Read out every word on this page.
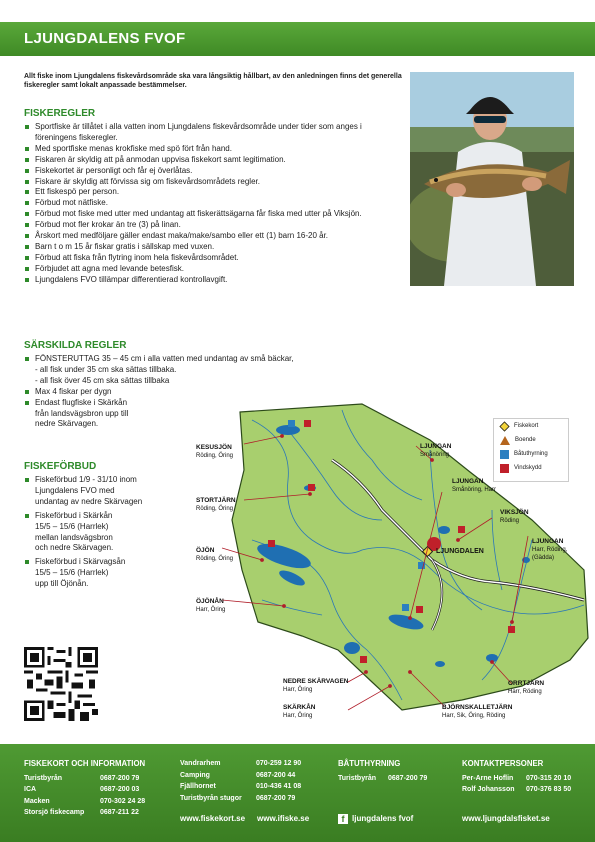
LJUNGDALENS FVOF
Allt fiske inom Ljungdalens fiskevårdsområde ska vara långsiktig hållbart, av den anledningen finns det generella fiskeregler samt lokalt anpassade bestämmelser.
FISKEREGLER
Sportfiske är tillåtet i alla vatten inom Ljungdalens fiskevårdsområde under tider som anges i föreningens fiskeregler.
Med sportfiske menas krokfiske med spö fört från hand.
Fiskaren är skyldig att på anmodan uppvisa fiskekort samt legitimation.
Fiskekortet är personligt och får ej överlåtas.
Fiskare är skyldig att förvissa sig om fiskevårdsområdets regler.
Ett fiskespö per person.
Förbud mot nätfiske.
Förbud mot fiske med utter med undantag att fiskerättsägarna får fiska med utter på Viksjön.
Förbud mot fler krokar än tre (3) på linan.
Årskort med medföljare gäller endast maka/make/sambo eller ett (1) barn 16-20 år.
Barn t o m 15 år fiskar gratis i sällskap med vuxen.
Förbud att fiska från flytring inom hela fiskevårdsområdet.
Förbjudet att agna med levande betesfisk.
Ljungdalens FVO tillämpar differentierad kontrollavgift.
SÄRSKILDA REGLER
FÖNSTERUTTAG 35 – 45 cm i alla vatten med undantag av små bäckar,
- all fisk under 35 cm ska sättas tillbaka.
- all fisk över 45 cm ska sättas tillbaka
Max 4 fiskar per dygn
Endast flugfiske i Skärkån
från landsvägsbron upp till
nedre Skärvagen.
FISKEFÖRBUD
Fiskeförbud 1/9 - 31/10 inom
Ljungdalens FVO med
undantag av nedre Skärvagen
Fiskeförbud i Skärkån
15/5 – 15/6 (Harrlek)
mellan landsvägsbron
och nedre Skärvagen.
Fiskeförbud i Skärvagsån
15/5 – 15/6 (Harrlek)
upp till Öjönån.
KESUSJÖN
Röding, Öring
STORTJÄRN
Röding, Öring
ÖJÖN
Röding, Öring
ÖJÖNÅN
Harr, Öring
NEDRE SKÄRVAGEN
Harr, Öring
SKÄRKÅN
Harr, Öring
LJUNGAN
Smånöring
LJUNGAN
Smånöring, Harr
VIKSJÖN
Röding
LJUNGAN
Harr, Röding,
(Gädda)
ORRTJÄRN
Harr, Röding
BJÖRNSKALLETJÄRN
Harr, Sik, Öring, Röding
LJUNGDALEN
Fiskekort
Boende
Båtuthyrning
Vindskydd
FISKEKORT OCH INFORMATION
Turistbyrån	0687-200 79
ICA	0687-200 03
Macken	070-302 24 28
Storsjö fiskecamp	0687-211 22
Vandrarhem	070-259 12 90
Camping	0687-200 44
Fjällhornet	010-436 41 08
Turistbyrån stugor	0687-200 79
BÅTUTHYRNING
Turistbyrån	0687-200 79
KONTAKTPERSONER
Per-Arne Hoflin	070-315 20 10
Rolf Johansson	070-376 83 50
www.fiskekort.se www.ifiske.se	f ljungdalens fvof	www.ljungdalsfisket.se
